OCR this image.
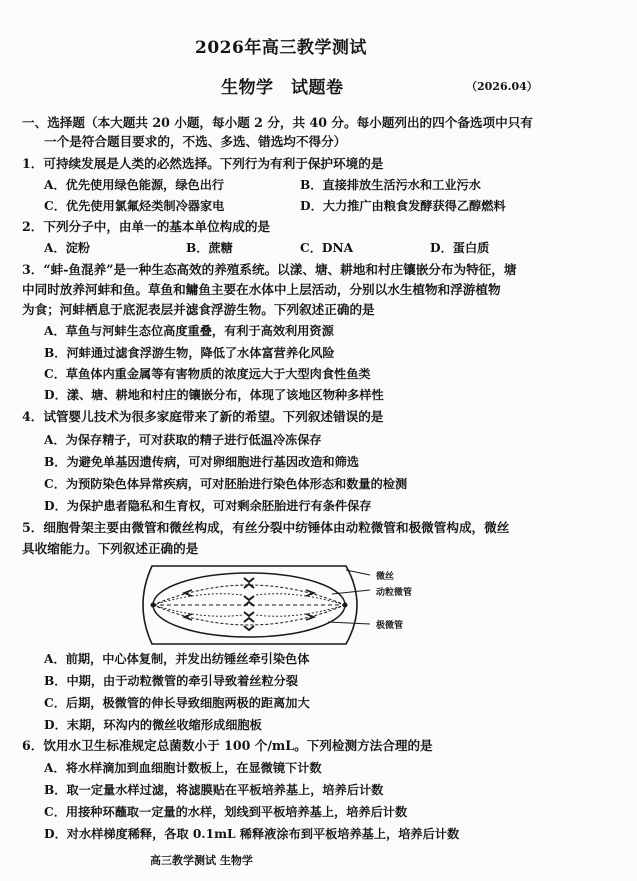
2026年高三教学测试
生物学　试题卷	（2026.04）
一、选择题（本大题共 20 小题，每小题 2 分，共 40 分。每小题列出的四个备选项中只有
一个是符合题目要求的，不选、多选、错选均不得分）
1．可持续发展是人类的必然选择。下列行为有利于保护环境的是
A．优先使用绿色能源，绿色出行	B．直接排放生活污水和工业污水
C．优先使用氯氟烃类制冷器家电	D．大力推广由粮食发酵获得乙醇燃料
2．下列分子中，由单一的基本单位构成的是
A．淀粉	B．蔗糖	C．DNA	D．蛋白质
3．“蚌-鱼混养”是一种生态高效的养殖系统。以漾、塘、耕地和村庄镶嵌分布为特征，塘
中同时放养河蚌和鱼。草鱼和鳙鱼主要在水体中上层活动，分别以水生植物和浮游植物
为食；河蚌栖息于底泥表层并滤食浮游生物。下列叙述正确的是
A．草鱼与河蚌生态位高度重叠，有利于高效利用资源
B．河蚌通过滤食浮游生物，降低了水体富营养化风险
C．草鱼体内重金属等有害物质的浓度远大于大型肉食性鱼类
D．漾、塘、耕地和村庄的镶嵌分布，体现了该地区物种多样性
4．试管婴儿技术为很多家庭带来了新的希望。下列叙述错误的是
A．为保存精子，可对获取的精子进行低温冷冻保存
B．为避免单基因遗传病，可对卵细胞进行基因改造和筛选
C．为预防染色体异常疾病，可对胚胎进行染色体形态和数量的检测
D．为保护患者隐私和生育权，可对剩余胚胎进行有条件保存
5．细胞骨架主要由微管和微丝构成，有丝分裂中纺锤体由动粒微管和极微管构成，微丝
具收缩能力。下列叙述正确的是
微丝
动粒微管
极微管
A．前期，中心体复制，并发出纺锤丝牵引染色体
B．中期，由于动粒微管的牵引导致着丝粒分裂
C．后期，极微管的伸长导致细胞两极的距离加大
D．末期，环沟内的微丝收缩形成细胞板
6．饮用水卫生标准规定总菌数小于 100 个/mL。下列检测方法合理的是
A．将水样滴加到血细胞计数板上，在显微镜下计数
B．取一定量水样过滤，将滤膜贴在平板培养基上，培养后计数
C．用接种环蘸取一定量的水样，划线到平板培养基上，培养后计数
D．对水样梯度稀释，各取 0.1mL 稀释液涂布到平板培养基上，培养后计数
高三教学测试 生物学
